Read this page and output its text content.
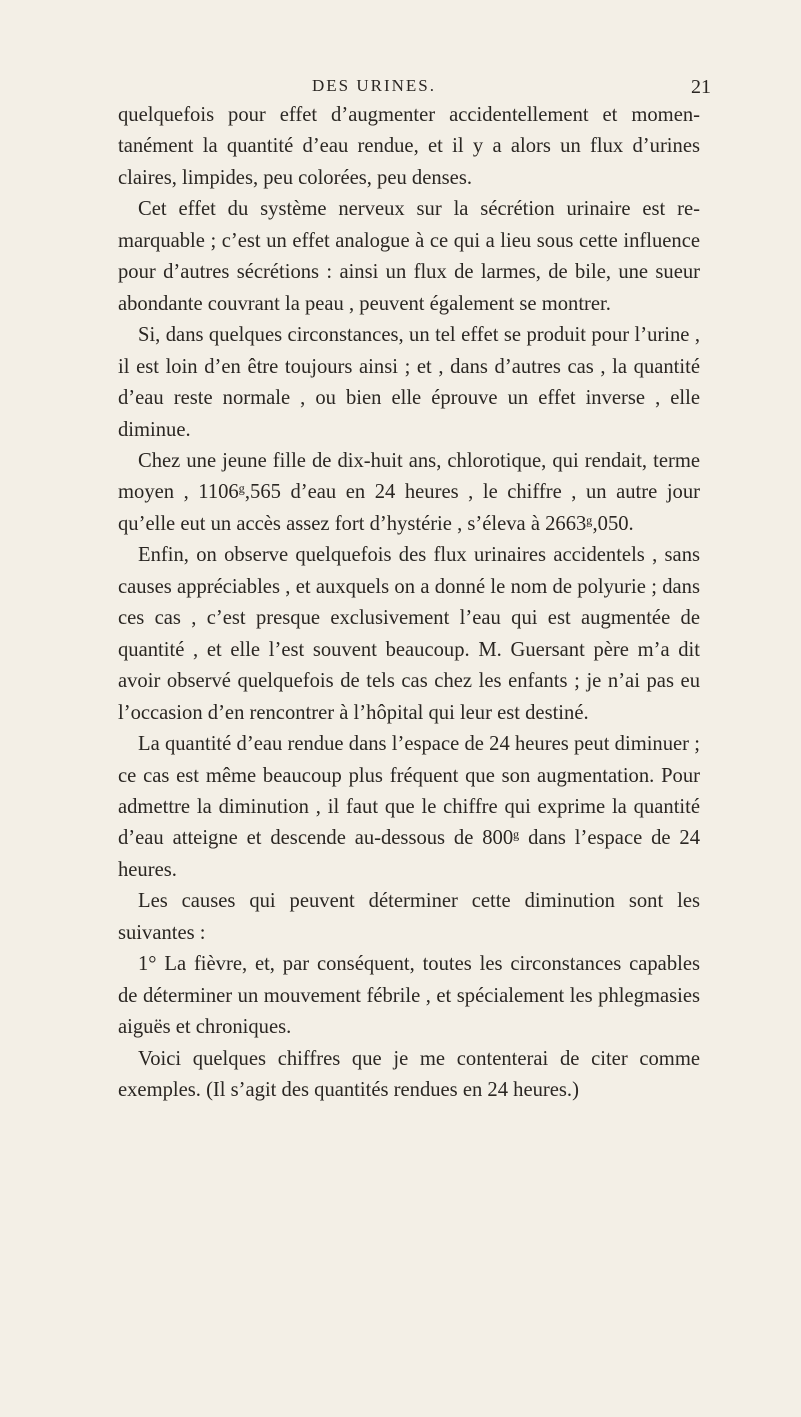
DES URINES.	21

quelquefois pour effet d’augmenter accidentellement et momentanément la quantité d’eau rendue, et il y a alors un flux d’urines claires, limpides, peu colorées, peu denses.

Cet effet du système nerveux sur la sécrétion urinaire est remarquable ; c’est un effet analogue à ce qui a lieu sous cette influence pour d’autres sécrétions : ainsi un flux de larmes, de bile, une sueur abondante couvrant la peau , peuvent également se montrer.

Si, dans quelques circonstances, un tel effet se produit pour l’urine , il est loin d’en être toujours ainsi ; et , dans d’autres cas , la quantité d’eau reste normale , ou bien elle éprouve un effet inverse , elle diminue.

Chez une jeune fille de dix-huit ans, chlorotique, qui rendait, terme moyen , 1106ᵍ,565 d’eau en 24 heures , le chiffre , un autre jour qu’elle eut un accès assez fort d’hystérie , s’éleva à 2663ᵍ,050.

Enfin, on observe quelquefois des flux urinaires accidentels , sans causes appréciables , et auxquels on a donné le nom de polyurie ; dans ces cas , c’est presque exclusivement l’eau qui est augmentée de quantité , et elle l’est souvent beaucoup. M. Guersant père m’a dit avoir observé quelquefois de tels cas chez les enfants ; je n’ai pas eu l’occasion d’en rencontrer à l’hôpital qui leur est destiné.

La quantité d’eau rendue dans l’espace de 24 heures peut diminuer ; ce cas est même beaucoup plus fréquent que son augmentation. Pour admettre la diminution , il faut que le chiffre qui exprime la quantité d’eau atteigne et descende au-dessous de 800ᵍ dans l’espace de 24 heures.

Les causes qui peuvent déterminer cette diminution sont les suivantes :

1° La fièvre, et, par conséquent, toutes les circonstances capables de déterminer un mouvement fébrile , et spécialement les phlegmasies aiguës et chroniques.

Voici quelques chiffres que je me contenterai de citer comme exemples. (Il s’agit des quantités rendues en 24 heures.)
